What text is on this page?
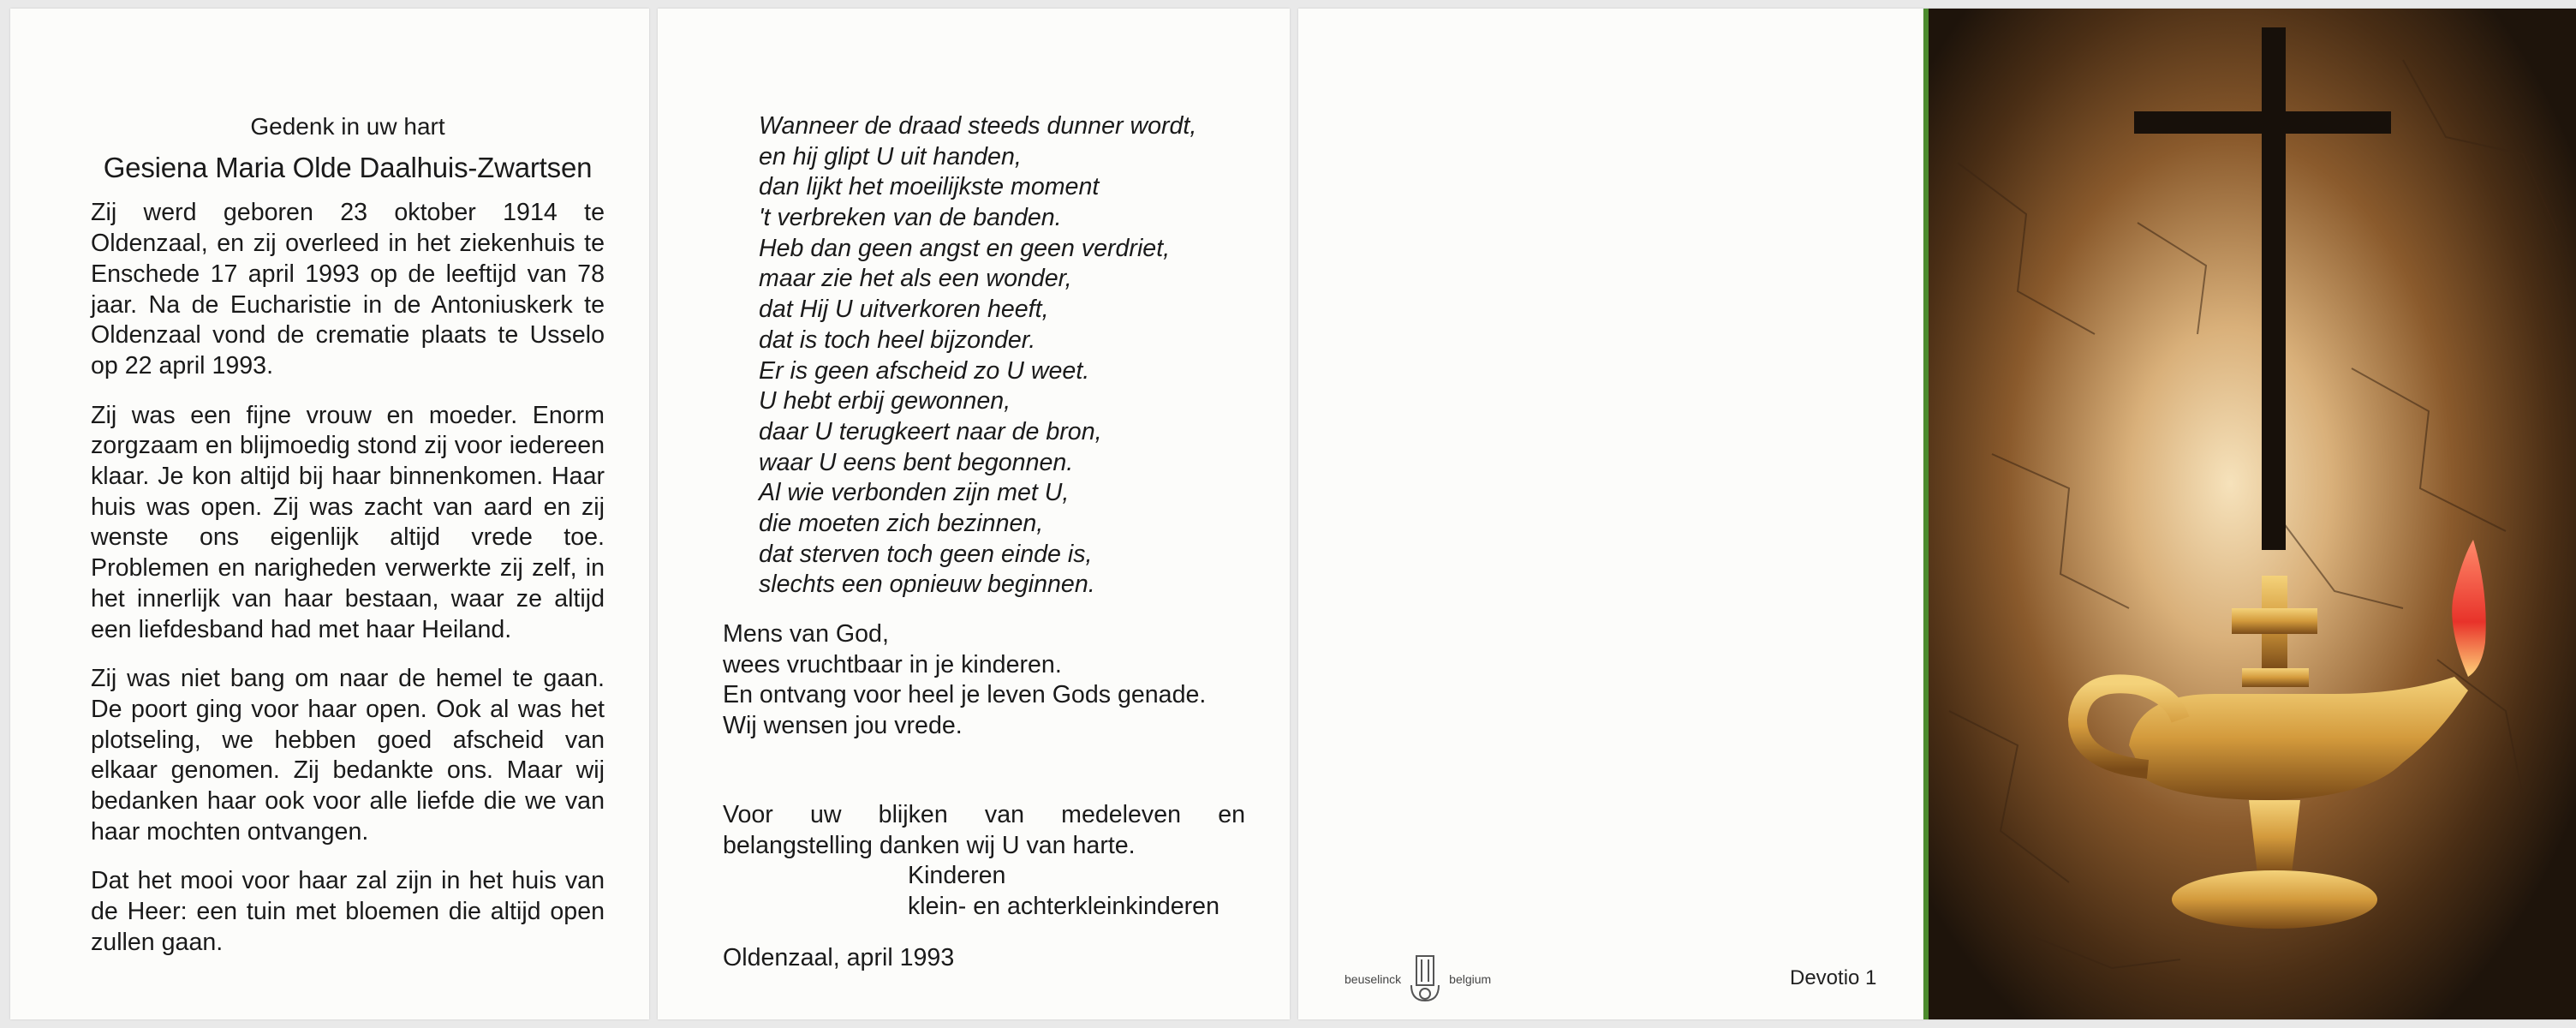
Gedenk in uw hart
Gesiena Maria Olde Daalhuis-Zwartsen

Zij werd geboren 23 oktober 1914 te Oldenzaal, en zij overleed in het ziekenhuis te Enschede 17 april 1993 op de leeftijd van 78 jaar. Na de Eucharistie in de Antoniuskerk te Oldenzaal vond de crematie plaats te Usselo op 22 april 1993.

Zij was een fijne vrouw en moeder. Enorm zorgzaam en blijmoedig stond zij voor iedereen klaar. Je kon altijd bij haar binnenkomen. Haar huis was open. Zij was zacht van aard en zij wenste ons eigenlijk altijd vrede toe. Problemen en narigheden verwerkte zij zelf, in het innerlijk van haar bestaan, waar ze altijd een liefdesband had met haar Heiland.

Zij was niet bang om naar de hemel te gaan. De poort ging voor haar open. Ook al was het plotseling, we hebben goed afscheid van elkaar genomen. Zij bedankte ons. Maar wij bedanken haar ook voor alle liefde die we van haar mochten ontvangen.

Dat het mooi voor haar zal zijn in het huis van de Heer: een tuin met bloemen die altijd open zullen gaan.

Wanneer de draad steeds dunner wordt,
en hij glipt U uit handen,
dan lijkt het moeilijkste moment
't verbreken van de banden.
Heb dan geen angst en geen verdriet,
maar zie het als een wonder,
dat Hij U uitverkoren heeft,
dat is toch heel bijzonder.
Er is geen afscheid zo U weet.
U hebt erbij gewonnen,
daar U terugkeert naar de bron,
waar U eens bent begonnen.
Al wie verbonden zijn met U,
die moeten zich bezinnen,
dat sterven toch geen einde is,
slechts een opnieuw beginnen.
Mens van God,
wees vruchtbaar in je kinderen.
En ontvang voor heel je leven Gods genade.
Wij wensen jou vrede.
Voor uw blijken van medeleven en belangstelling danken wij U van harte.
Kinderen
klein- en achterkleinkinderen
Oldenzaal, april 1993
beuselinck	belgium	Devotio 1
